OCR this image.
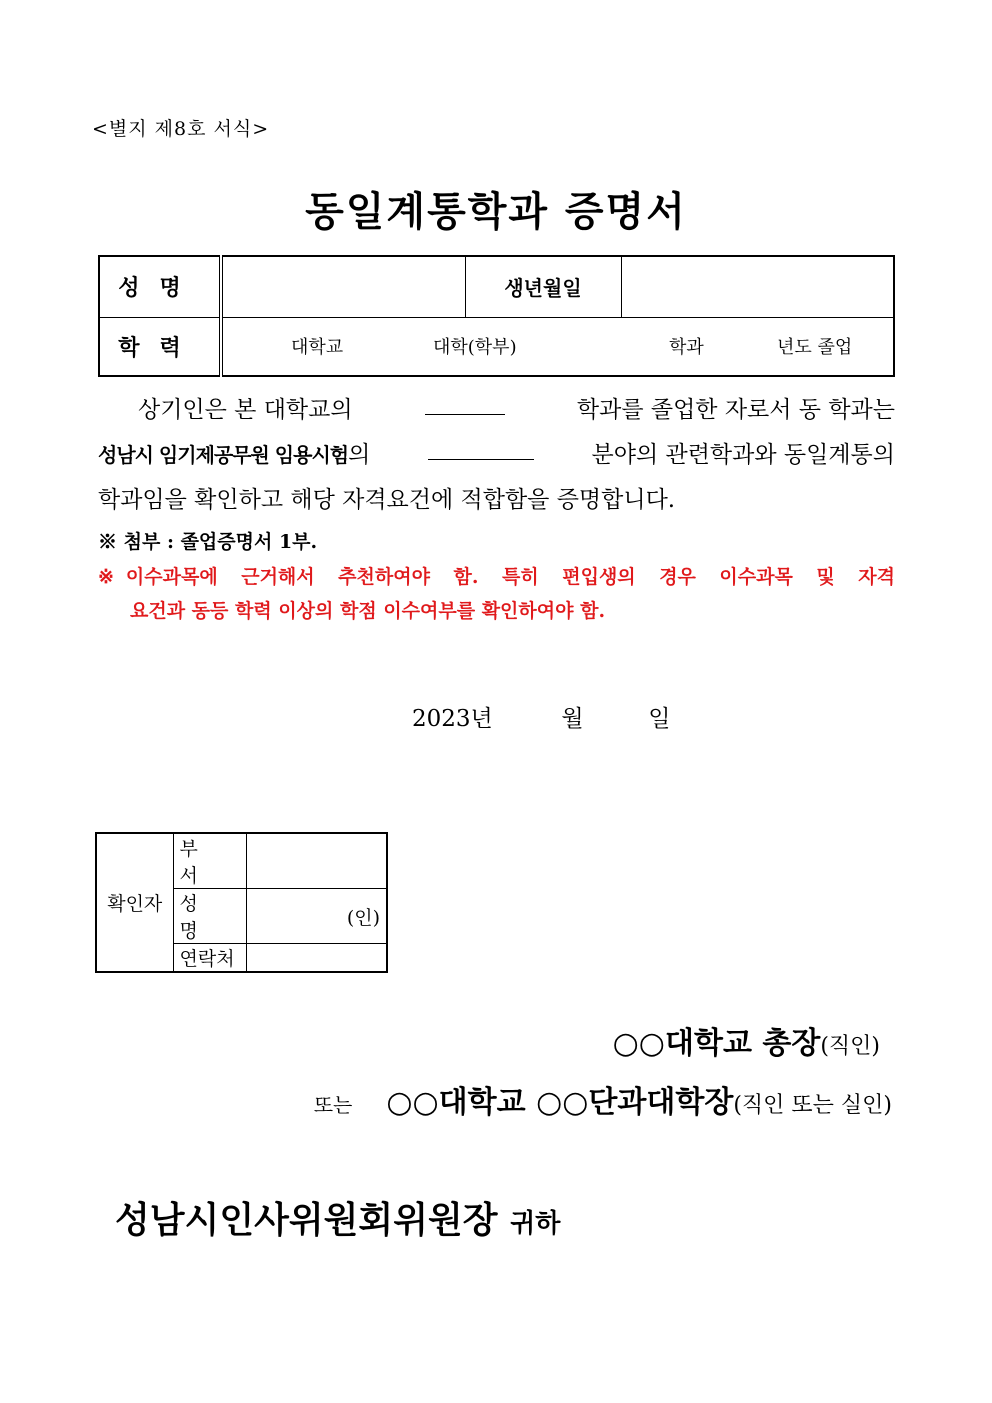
<별지 제8호 서식>
동일계통학과 증명서
성명		생년월일	
학력	대학교 대학(학부) 학과 년도 졸업		
상기인은 본 대학교의	학과를 졸업한 자로서 동 학과는
성남시 임기제공무원 임용시험의	분야의 관련학과와 동일계통의
학과임을 확인하고 해당 자격요건에 적합함을 증명합니다.
※ 첨부 : 졸업증명서 1부.
※ 이수과목에 근거해서 추천하여야 함. 특히 편입생의 경우 이수과목 및 자격
요건과 동등 학력 이상의 학점 이수여부를 확인하여야 함.
2023년	월	일
확인자	부 서	
	성 명	(인)
	연락처	
○○대학교 총장(직인)
또는 ○○대학교 ○○단과대학장(직인 또는 실인)
성남시인사위원회위원장 귀하
